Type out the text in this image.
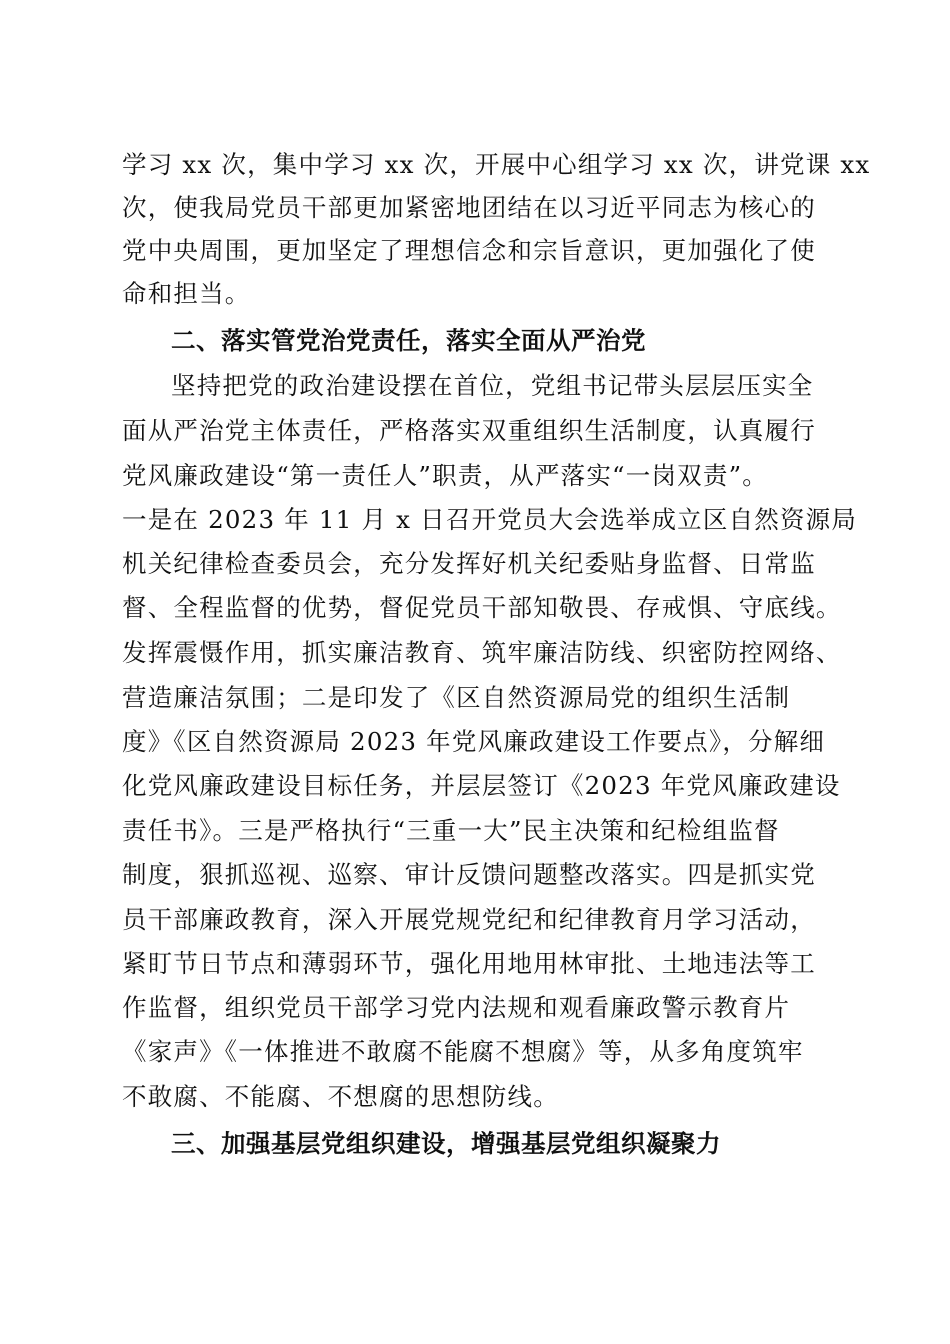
学习 xx 次，集中学习 xx 次，开展中心组学习 xx 次，讲党课 xx
次，使我局党员干部更加紧密地团结在以习近平同志为核心的
党中央周围，更加坚定了理想信念和宗旨意识，更加强化了使
命和担当。
二、落实管党治党责任，落实全面从严治党
坚持把党的政治建设摆在首位，党组书记带头层层压实全
面从严治党主体责任，严格落实双重组织生活制度，认真履行
党风廉政建设“第一责任人”职责，从严落实“一岗双责”。
一是在 2023 年 11 月 x 日召开党员大会选举成立区自然资源局
机关纪律检查委员会，充分发挥好机关纪委贴身监督、日常监
督、全程监督的优势，督促党员干部知敬畏、存戒惧、守底线。
发挥震慑作用，抓实廉洁教育、筑牢廉洁防线、织密防控网络、
营造廉洁氛围；二是印发了《区自然资源局党的组织生活制
度》《区自然资源局 2023 年党风廉政建设工作要点》，分解细
化党风廉政建设目标任务，并层层签订《2023 年党风廉政建设
责任书》。三是严格执行“三重一大”民主决策和纪检组监督
制度，狠抓巡视、巡察、审计反馈问题整改落实。四是抓实党
员干部廉政教育，深入开展党规党纪和纪律教育月学习活动，
紧盯节日节点和薄弱环节，强化用地用林审批、土地违法等工
作监督，组织党员干部学习党内法规和观看廉政警示教育片
《家声》《一体推进不敢腐不能腐不想腐》等，从多角度筑牢
不敢腐、不能腐、不想腐的思想防线。
三、加强基层党组织建设，增强基层党组织凝聚力
